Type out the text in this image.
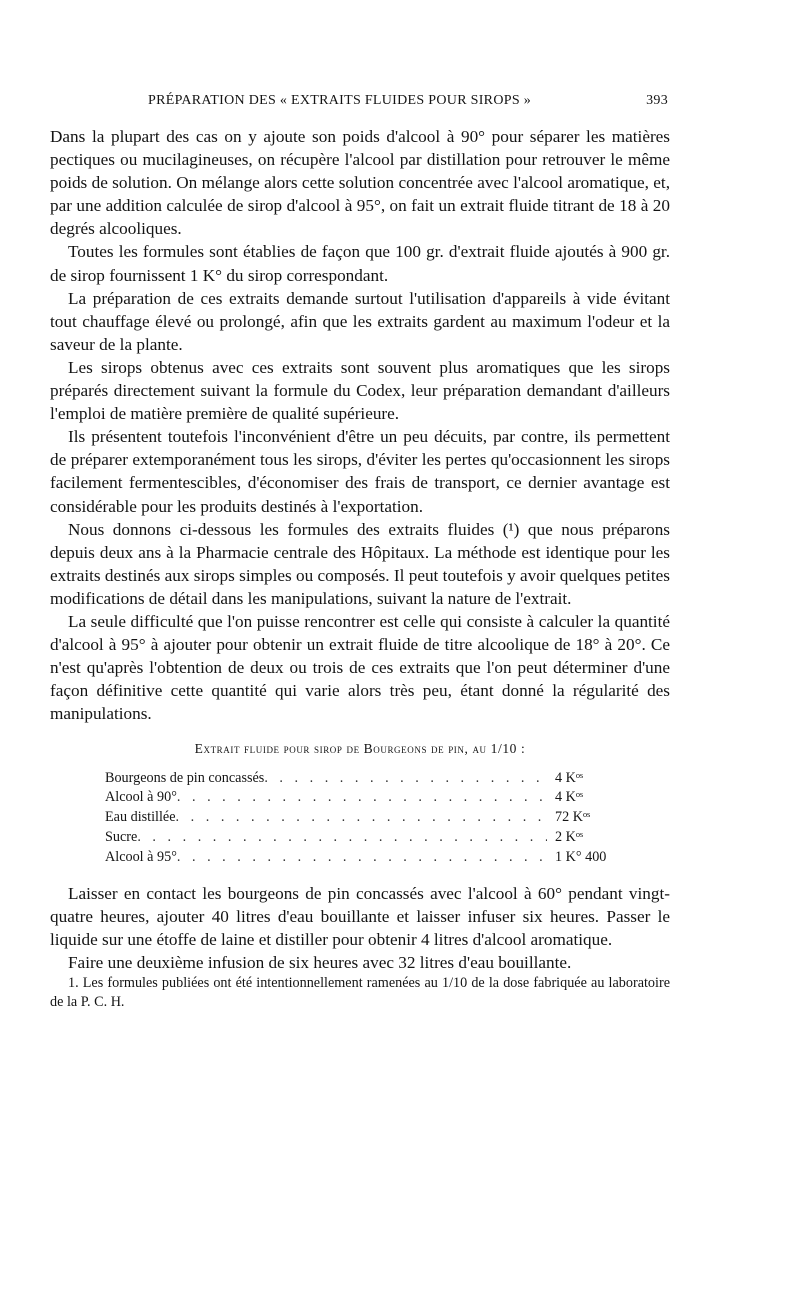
PRÉPARATION DES « EXTRAITS FLUIDES POUR SIROPS »	393

Dans la plupart des cas on y ajoute son poids d'alcool à 90° pour séparer les matières pectiques ou mucilagineuses, on récupère l'alcool par distillation pour retrouver le même poids de solution. On mélange alors cette solution concentrée avec l'alcool aromatique, et, par une addition calculée de sirop d'alcool à 95°, on fait un extrait fluide titrant de 18 à 20 degrés alcooliques.

Toutes les formules sont établies de façon que 100 gr. d'extrait fluide ajoutés à 900 gr. de sirop fournissent 1 K° du sirop correspondant.

La préparation de ces extraits demande surtout l'utilisation d'appareils à vide évitant tout chauffage élevé ou prolongé, afin que les extraits gardent au maximum l'odeur et la saveur de la plante.

Les sirops obtenus avec ces extraits sont souvent plus aromatiques que les sirops préparés directement suivant la formule du Codex, leur préparation demandant d'ailleurs l'emploi de matière première de qualité supérieure.

Ils présentent toutefois l'inconvénient d'être un peu décuits, par contre, ils permettent de préparer extemporanément tous les sirops, d'éviter les pertes qu'occasionnent les sirops facilement fermentescibles, d'économiser des frais de transport, ce dernier avantage est considérable pour les produits destinés à l'exportation.

Nous donnons ci-dessous les formules des extraits fluides (¹) que nous préparons depuis deux ans à la Pharmacie centrale des Hôpitaux. La méthode est identique pour les extraits destinés aux sirops simples ou composés. Il peut toutefois y avoir quelques petites modifications de détail dans les manipulations, suivant la nature de l'extrait.

La seule difficulté que l'on puisse rencontrer est celle qui consiste à calculer la quantité d'alcool à 95° à ajouter pour obtenir un extrait fluide de titre alcoolique de 18° à 20°. Ce n'est qu'après l'obtention de deux ou trois de ces extraits que l'on peut déterminer d'une façon définitive cette quantité qui varie alors très peu, étant donné la régularité des manipulations.

Extrait fluide pour sirop de Bourgeons de pin, au 1/10 :
Bourgeons de pin concassés . . .	4 Kᵒˢ
Alcool à 90° . . .	4 Kᵒˢ
Eau distillée . . .	72 Kᵒˢ
Sucre . . .	2 Kᵒˢ
Alcool à 95° . . .	1 K° 400

Laisser en contact les bourgeons de pin concassés avec l'alcool à 60° pendant vingt-quatre heures, ajouter 40 litres d'eau bouillante et laisser infuser six heures. Passer le liquide sur une étoffe de laine et distiller pour obtenir 4 litres d'alcool aromatique.

Faire une deuxième infusion de six heures avec 32 litres d'eau bouillante.

1. Les formules publiées ont été intentionnellement ramenées au 1/10 de la dose fabriquée au laboratoire de la P. C. H.
